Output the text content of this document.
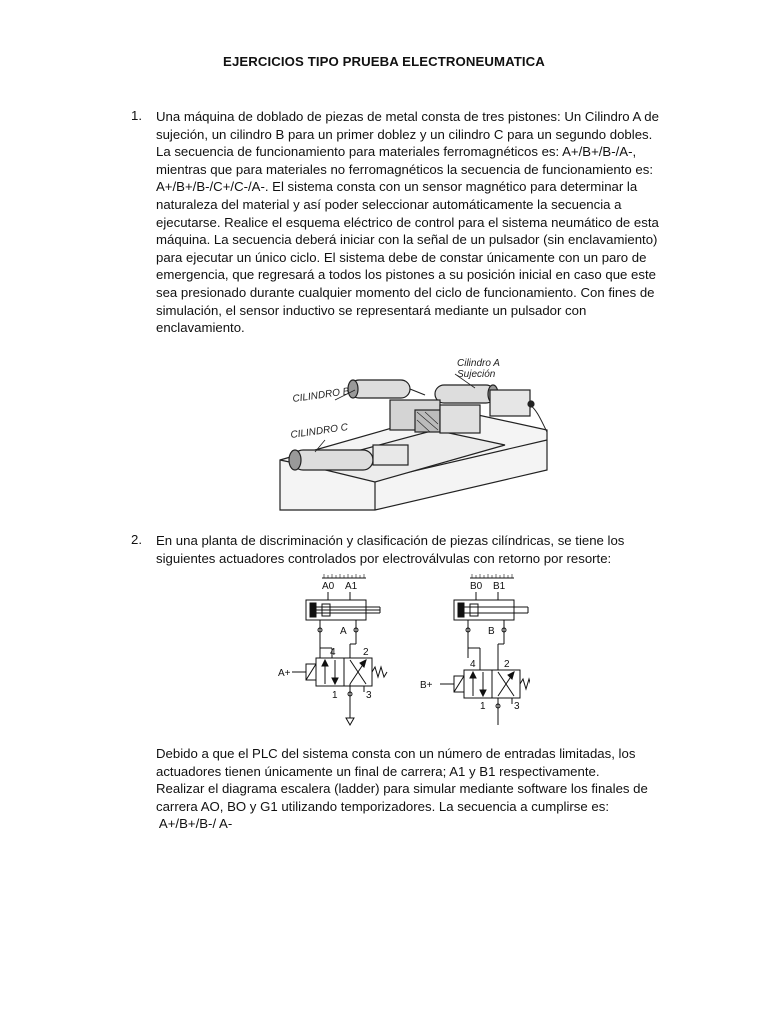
EJERCICIOS TIPO PRUEBA ELECTRONEUMATICA
1. Una máquina de doblado de piezas de metal consta de tres pistones: Un Cilindro A de
sujeción, un cilindro B para un primer doblez y un cilindro C para un segundo dobles.
La secuencia de funcionamiento para materiales ferromagnéticos es: A+/B+/B-/A-,
mientras que para materiales no ferromagnéticos la secuencia de funcionamiento es:
A+/B+/B-/C+/C-/A-. El sistema consta con un sensor magnético para determinar la
naturaleza del material y así poder seleccionar automáticamente la secuencia a
ejecutarse. Realice el esquema eléctrico de control para el sistema neumático de esta
máquina. La secuencia deberá iniciar con la señal de un pulsador (sin enclavamiento)
para ejecutar un único ciclo. El sistema debe de constar únicamente con un paro de
emergencia, que regresará a todos los pistones a su posición inicial en caso que este
sea presionado durante cualquier momento del ciclo de funcionamiento. Con fines de
simulación, el sensor inductivo se representará mediante un pulsador con
enclavamiento.
Cilindro A
Sujeción
CILINDRO B
CILINDRO C
2. En una planta de discriminación y clasificación de piezas cilíndricas, se tiene los
siguientes actuadores controlados por electroválvulas con retorno por resorte:
A0 A1
A
4	2
1	3
A+
B0 B1
B
4	2
1	3
B+
Debido a que el PLC del sistema consta con un número de entradas limitadas, los
actuadores tienen únicamente un final de carrera; A1 y B1 respectivamente.
Realizar el diagrama escalera (ladder) para simular mediante software los finales de
carrera AO, BO y G1 utilizando temporizadores. La secuencia a cumplirse es:
A+/B+/B-/ A-
